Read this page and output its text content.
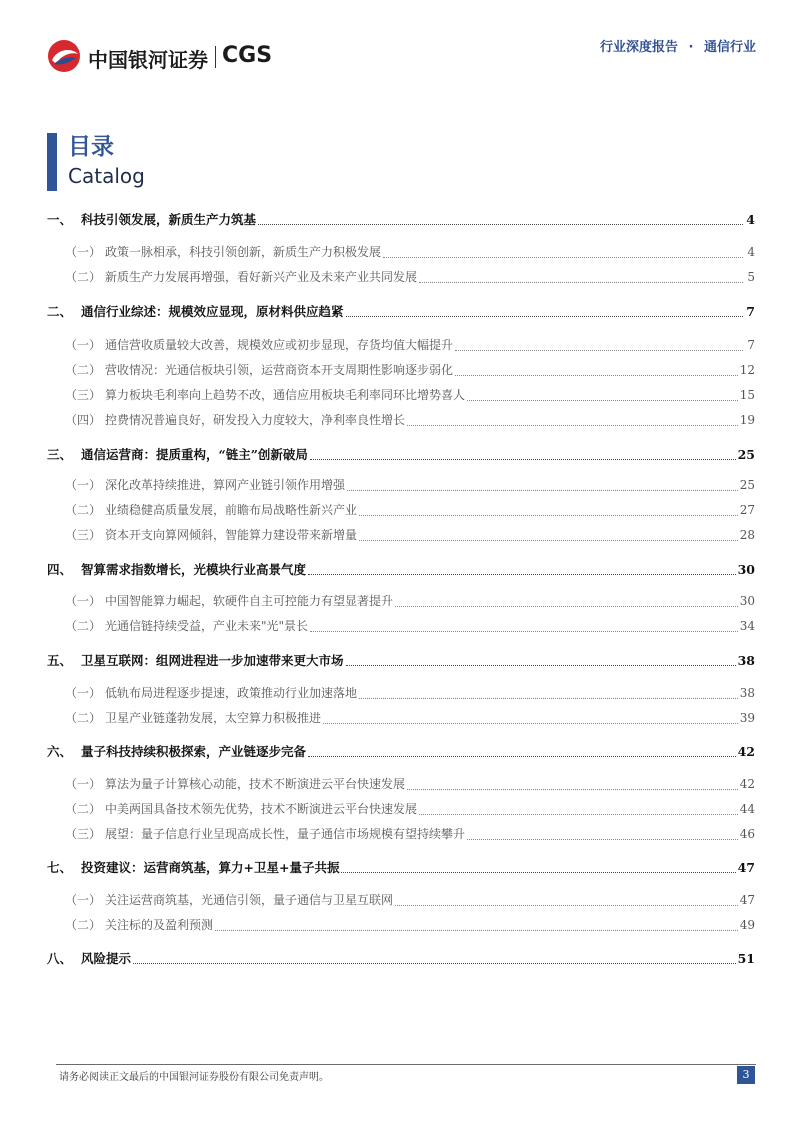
中国银河证券 CGS	行业深度报告 · 通信行业
目录
Catalog
一、 科技引领发展，新质生产力筑基	4
（一） 政策一脉相承，科技引领创新，新质生产力积极发展	4
（二） 新质生产力发展再增强，看好新兴产业及未来产业共同发展	5
二、 通信行业综述：规模效应显现，原材料供应趋紧	7
（一） 通信营收质量较大改善，规模效应或初步显现，存货均值大幅提升	7
（二） 营收情况：光通信板块引领，运营商资本开支周期性影响逐步弱化	12
（三） 算力板块毛利率向上趋势不改，通信应用板块毛利率同环比增势喜人	15
（四） 控费情况普遍良好，研发投入力度较大，净利率良性增长	19
三、 通信运营商：提质重构，“链主”创新破局	25
（一） 深化改革持续推进，算网产业链引领作用增强	25
（二） 业绩稳健高质量发展，前瞻布局战略性新兴产业	27
（三） 资本开支向算网倾斜，智能算力建设带来新增量	28
四、 智算需求指数增长，光模块行业高景气度	30
（一） 中国智能算力崛起，软硬件自主可控能力有望显著提升	30
（二） 光通信链持续受益，产业未来"光"景长	34
五、 卫星互联网：组网进程进一步加速带来更大市场	38
（一） 低轨布局进程逐步提速，政策推动行业加速落地	38
（二） 卫星产业链蓬勃发展，太空算力积极推进	39
六、 量子科技持续积极探索，产业链逐步完备	42
（一） 算法为量子计算核心动能，技术不断演进云平台快速发展	42
（二） 中美两国具备技术领先优势，技术不断演进云平台快速发展	44
（三） 展望：量子信息行业呈现高成长性，量子通信市场规模有望持续攀升	46
七、 投资建议：运营商筑基，算力+卫星+量子共振	47
（一） 关注运营商筑基，光通信引领，量子通信与卫星互联网	47
（二） 关注标的及盈利预测	49
八、 风险提示	51
请务必阅读正文最后的中国银河证券股份有限公司免责声明。	3
